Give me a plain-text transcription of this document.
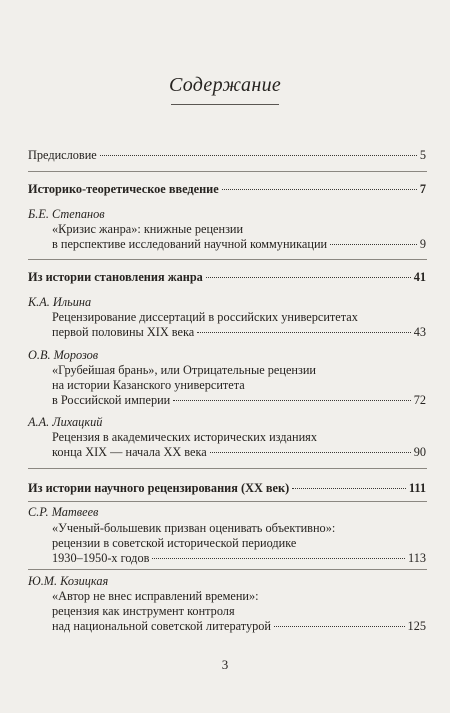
Содержание
Предисловие	5
Историко-теоретическое введение	7
Б.Е. Степанов
«Кризис жанра»: книжные рецензии
в перспективе исследований научной коммуникации	9
Из истории становления жанра	41
К.А. Ильина
Рецензирование диссертаций в российских университетах
первой половины XIX века	43
О.В. Морозов
«Грубейшая брань», или Отрицательные рецензии
на истории Казанского университета
в Российской империи	72
А.А. Лихацкий
Рецензия в академических исторических изданиях
конца XIX — начала XX века	90
Из истории научного рецензирования (XX век)	111
С.Р. Матвеев
«Ученый-большевик призван оценивать объективно»:
рецензии в советской исторической периодике
1930–1950-х годов	113
Ю.М. Козицкая
«Автор не внес исправлений времени»:
рецензия как инструмент контроля
над национальной советской литературой	125
3
